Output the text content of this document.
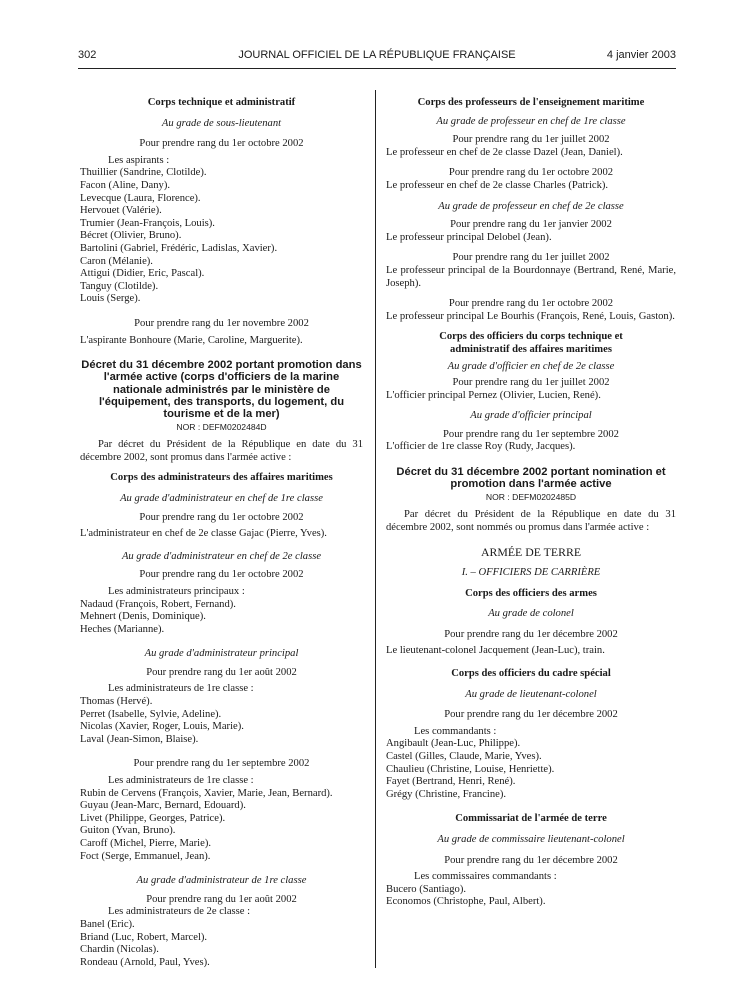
302	JOURNAL OFFICIEL DE LA RÉPUBLIQUE FRANÇAISE	4 janvier 2003

Corps technique et administratif

Au grade de sous-lieutenant

Pour prendre rang du 1er octobre 2002

Les aspirants :

Thuillier (Sandrine, Clotilde).

Facon (Aline, Dany).

Levecque (Laura, Florence).

Hervouet (Valérie).

Trumier (Jean-François, Louis).

Bécret (Olivier, Bruno).

Bartolini (Gabriel, Frédéric, Ladislas, Xavier).

Caron (Mélanie).

Attigui (Didier, Eric, Pascal).

Tanguy (Clotilde).

Louis (Serge).

Pour prendre rang du 1er novembre 2002

L'aspirante Bonhoure (Marie, Caroline, Marguerite).

Décret du 31 décembre 2002 portant promotion dans l'armée active (corps d'officiers de la marine nationale administrés par le ministère de l'équipement, des transports, du logement, du tourisme et de la mer)

NOR : DEFM0202484D

Par décret du Président de la République en date du 31 décembre 2002, sont promus dans l'armée active :

Corps des administrateurs des affaires maritimes

Au grade d'administrateur en chef de 1re classe

Pour prendre rang du 1er octobre 2002

L'administrateur en chef de 2e classe Gajac (Pierre, Yves).

Au grade d'administrateur en chef de 2e classe

Pour prendre rang du 1er octobre 2002

Les administrateurs principaux :

Nadaud (François, Robert, Fernand).

Mehnert (Denis, Dominique).

Heches (Marianne).

Au grade d'administrateur principal

Pour prendre rang du 1er août 2002

Les administrateurs de 1re classe :

Thomas (Hervé).

Perret (Isabelle, Sylvie, Adeline).

Nicolas (Xavier, Roger, Louis, Marie).

Laval (Jean-Simon, Blaise).

Pour prendre rang du 1er septembre 2002

Les administrateurs de 1re classe :

Rubin de Cervens (François, Xavier, Marie, Jean, Bernard).

Guyau (Jean-Marc, Bernard, Edouard).

Livet (Philippe, Georges, Patrice).

Guiton (Yvan, Bruno).

Caroff (Michel, Pierre, Marie).

Foct (Serge, Emmanuel, Jean).

Au grade d'administrateur de 1re classe

Pour prendre rang du 1er août 2002

Les administrateurs de 2e classe :

Banel (Eric).

Briand (Luc, Robert, Marcel).

Chardin (Nicolas).

Rondeau (Arnold, Paul, Yves).

Corps des professeurs de l'enseignement maritime

Au grade de professeur en chef de 1re classe

Pour prendre rang du 1er juillet 2002

Le professeur en chef de 2e classe Dazel (Jean, Daniel).

Pour prendre rang du 1er octobre 2002

Le professeur en chef de 2e classe Charles (Patrick).

Au grade de professeur en chef de 2e classe

Pour prendre rang du 1er janvier 2002

Le professeur principal Delobel (Jean).

Pour prendre rang du 1er juillet 2002

Le professeur principal de la Bourdonnaye (Bertrand, René, Marie, Joseph).

Pour prendre rang du 1er octobre 2002

Le professeur principal Le Bourhis (François, René, Louis, Gaston).

Corps des officiers du corps technique et administratif des affaires maritimes

Au grade d'officier en chef de 2e classe

Pour prendre rang du 1er juillet 2002

L'officier principal Pernez (Olivier, Lucien, René).

Au grade d'officier principal

Pour prendre rang du 1er septembre 2002

L'officier de 1re classe Roy (Rudy, Jacques).

Décret du 31 décembre 2002 portant nomination et promotion dans l'armée active

NOR : DEFM0202485D

Par décret du Président de la République en date du 31 décembre 2002, sont nommés ou promus dans l'armée active :

ARMÉE DE TERRE

I. – OFFICIERS DE CARRIÈRE

Corps des officiers des armes

Au grade de colonel

Pour prendre rang du 1er décembre 2002

Le lieutenant-colonel Jacquement (Jean-Luc), train.

Corps des officiers du cadre spécial

Au grade de lieutenant-colonel

Pour prendre rang du 1er décembre 2002

Les commandants :

Angibault (Jean-Luc, Philippe).

Castel (Gilles, Claude, Marie, Yves).

Chaulieu (Christine, Louise, Henriette).

Fayet (Bertrand, Henri, René).

Grégy (Christine, Francine).

Commissariat de l'armée de terre

Au grade de commissaire lieutenant-colonel

Pour prendre rang du 1er décembre 2002

Les commissaires commandants :

Bucero (Santiago).

Economos (Christophe, Paul, Albert).
